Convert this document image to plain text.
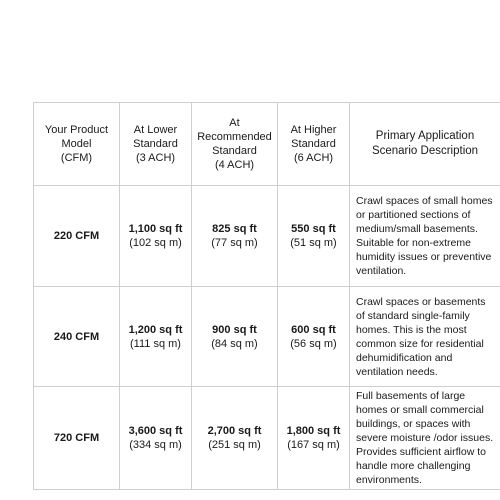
Your Product
Model
(CFM)	At Lower
Standard
(3 ACH)	At Recommended
Standard
(4 ACH)	At Higher
Standard
(6 ACH)	Primary Application
Scenario Description

220 CFM	1,100 sq ft
(102 sq m)	825 sq ft
(77 sq m)	550 sq ft
(51 sq m)	Crawl spaces of small homes or partitioned sections of medium/small basements. Suitable for non-extreme humidity issues or preventive ventilation.
240 CFM	1,200 sq ft
(111 sq m)	900 sq ft
(84 sq m)	600 sq ft
(56 sq m)	Crawl spaces or basements of standard single-family homes. This is the most common size for residential dehumidification and ventilation needs.
720 CFM	3,600 sq ft
(334 sq m)	2,700 sq ft
(251 sq m)	1,800 sq ft
(167 sq m)	Full basements of large homes or small commercial buildings, or spaces with severe moisture /odor issues. Provides sufficient airflow to handle more challenging environments.
